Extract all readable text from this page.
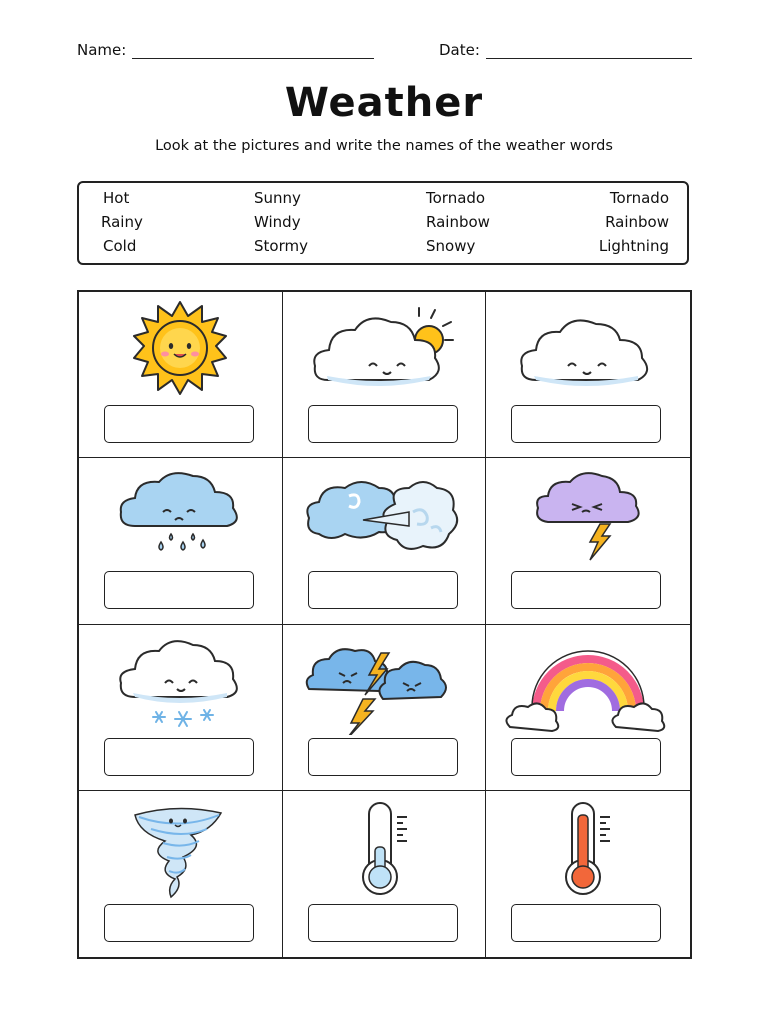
Name:	Date:
Weather
Look at the pictures and write the names of the weather words
Hot
Rainy
Cold
Sunny
Windy
Stormy
Tornado
Rainbow
Snowy
Tornado
Rainbow
Lightning
